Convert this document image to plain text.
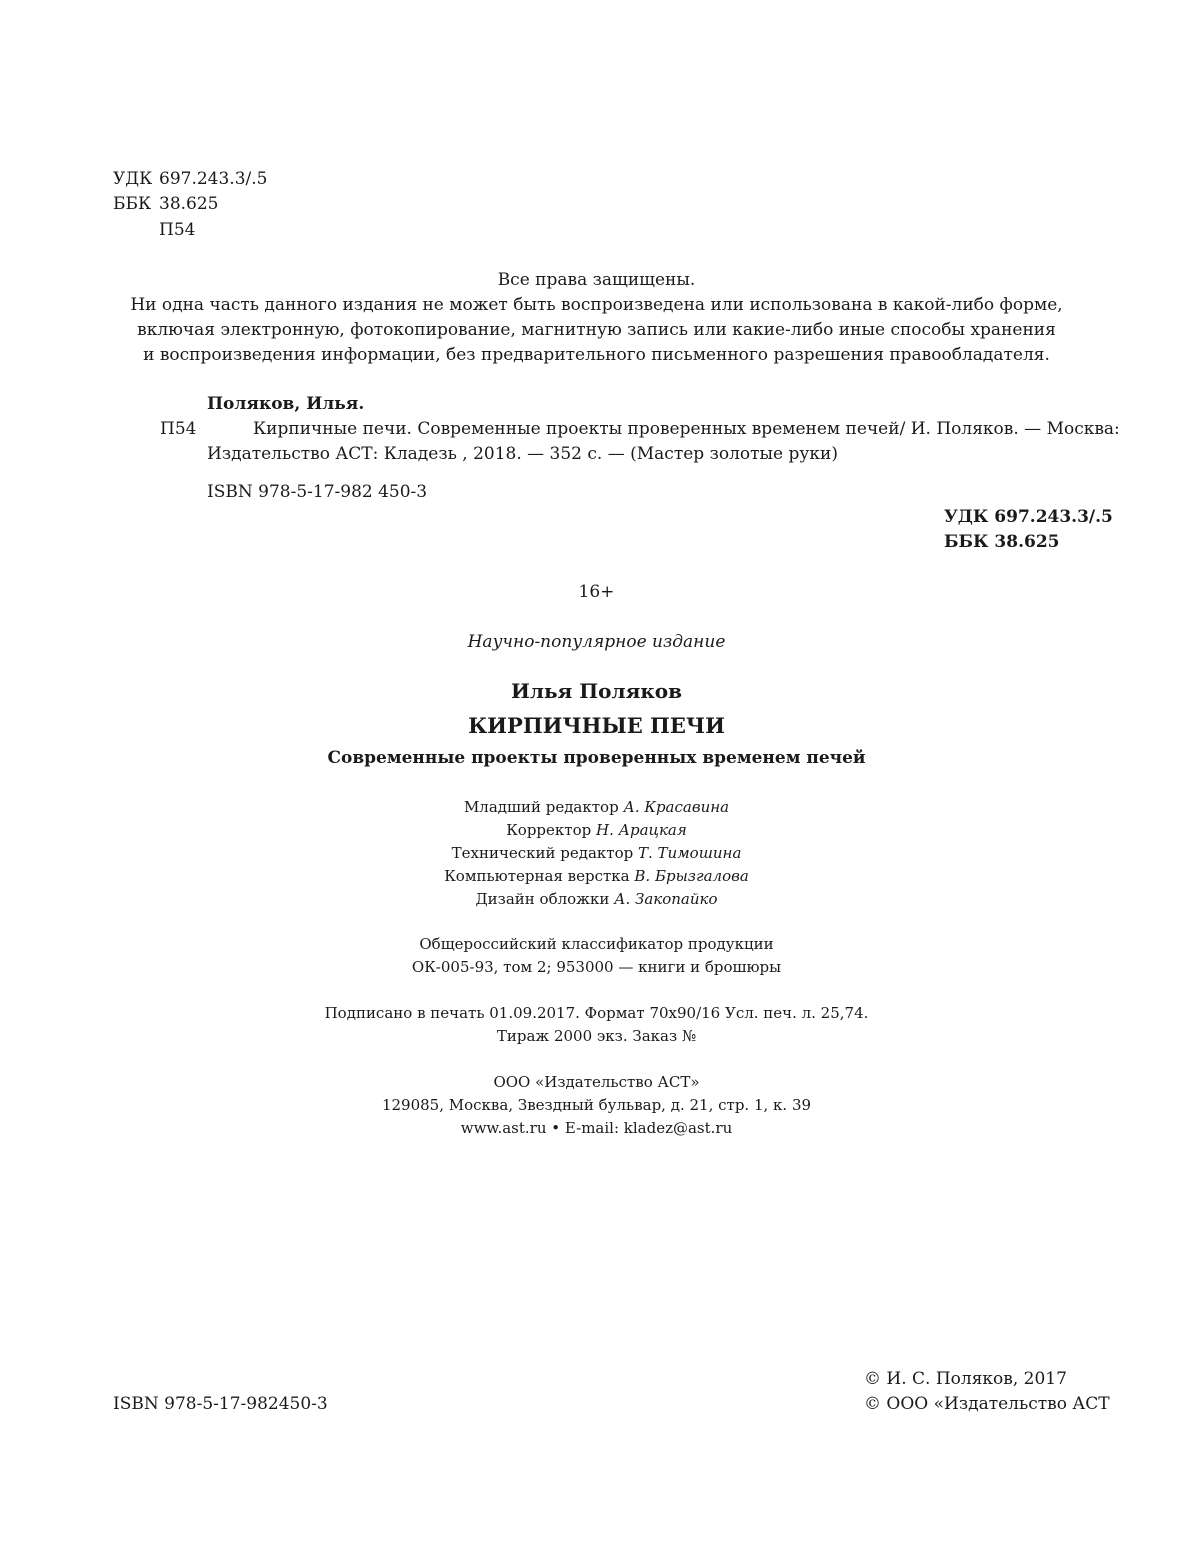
УДК 697.243.3/.5
ББК 38.625
П54
Все права защищены.
Ни одна часть данного издания не может быть воспроизведена или использована в какой-либо форме,
включая электронную, фотокопирование, магнитную запись или какие-либо иные способы хранения
и воспроизведения информации, без предварительного письменного разрешения правообладателя.
Поляков, Илья.
П54	Кирпичные печи. Современные проекты проверенных временем печей/ И. Поляков. — Москва:
Издательство АСТ: Кладезь , 2018. — 352 с. — (Мастер золотые руки)
ISBN 978-5-17-982 450-3
УДК 697.243.3/.5
ББК 38.625
16+
Научно-популярное издание
Илья Поляков
КИРПИЧНЫЕ ПЕЧИ
Современные проекты проверенных временем печей
Младший редактор А. Красавина
Корректор Н. Арацкая
Технический редактор Т. Тимошина
Компьютерная верстка В. Брызгалова
Дизайн обложки А. Закопайко
Общероссийский классификатор продукции
ОК-005-93, том 2; 953000 — книги и брошюры
Подписано в печать 01.09.2017. Формат 70х90/16 Усл. печ. л. 25,74.
Тираж 2000 экз. Заказ №
ООО «Издательство АСТ»
129085, Москва, Звездный бульвар, д. 21, стр. 1, к. 39
www.ast.ru • E-mail: kladez@ast.ru
ISBN 978-5-17-982450-3
© И. С. Поляков, 2017
© ООО «Издательство АСТ
